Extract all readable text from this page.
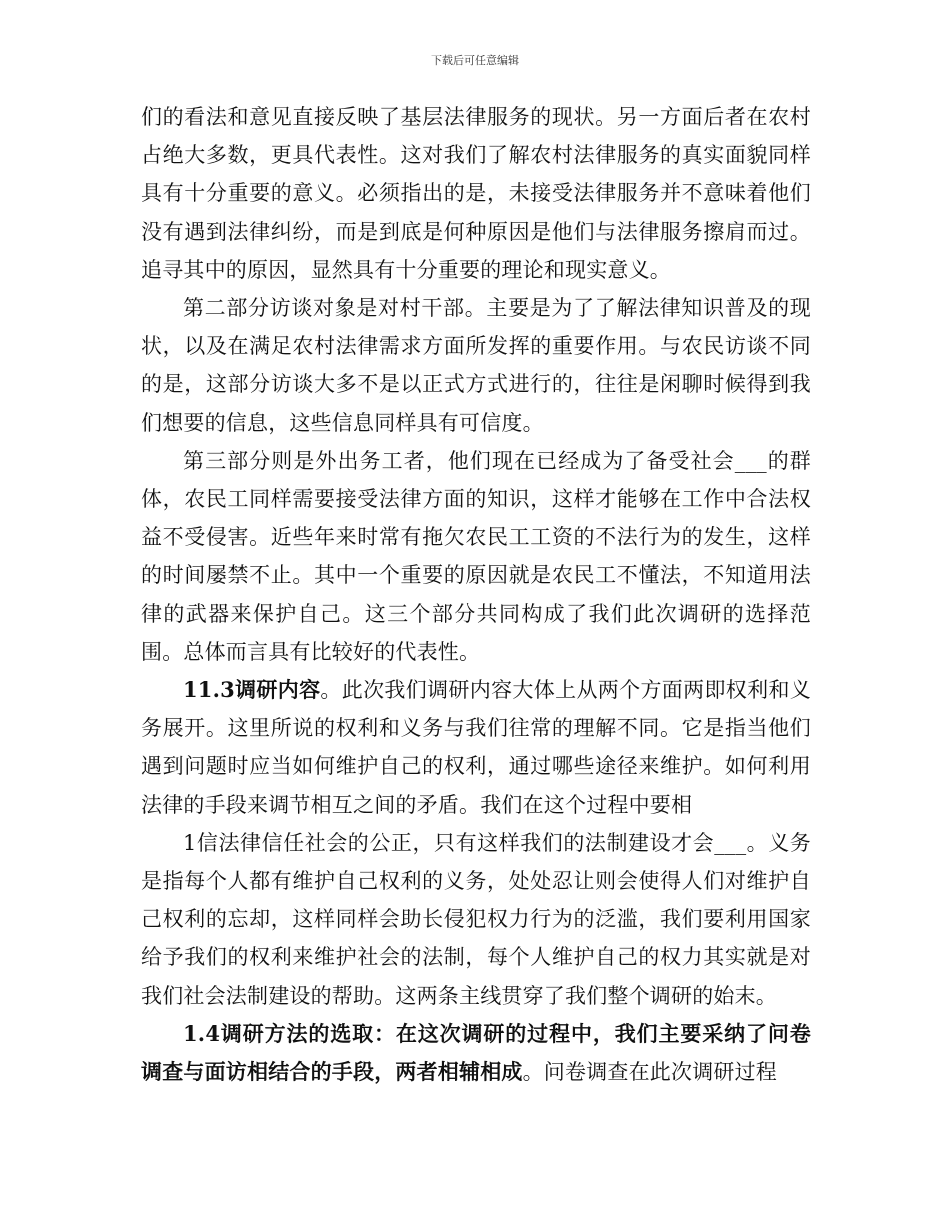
下载后可任意编辑

们的看法和意见直接反映了基层法律服务的现状。另一方面后者在农村占绝大多数，更具代表性。这对我们了解农村法律服务的真实面貌同样具有十分重要的意义。必须指出的是，未接受法律服务并不意味着他们没有遇到法律纠纷，而是到底是何种原因是他们与法律服务擦肩而过。追寻其中的原因，显然具有十分重要的理论和现实意义。

第二部分访谈对象是对村干部。主要是为了了解法律知识普及的现状，以及在满足农村法律需求方面所发挥的重要作用。与农民访谈不同的是，这部分访谈大多不是以正式方式进行的，往往是闲聊时候得到我们想要的信息，这些信息同样具有可信度。

第三部分则是外出务工者，他们现在已经成为了备受社会___的群体，农民工同样需要接受法律方面的知识，这样才能够在工作中合法权益不受侵害。近些年来时常有拖欠农民工工资的不法行为的发生，这样的时间屡禁不止。其中一个重要的原因就是农民工不懂法，不知道用法律的武器来保护自己。这三个部分共同构成了我们此次调研的选择范围。总体而言具有比较好的代表性。

11.3调研内容。此次我们调研内容大体上从两个方面两即权利和义务展开。这里所说的权利和义务与我们往常的理解不同。它是指当他们遇到问题时应当如何维护自己的权利，通过哪些途径来维护。如何利用法律的手段来调节相互之间的矛盾。我们在这个过程中要相

1信法律信任社会的公正，只有这样我们的法制建设才会___。义务是指每个人都有维护自己权利的义务，处处忍让则会使得人们对维护自己权利的忘却，这样同样会助长侵犯权力行为的泛滥，我们要利用国家给予我们的权利来维护社会的法制，每个人维护自己的权力其实就是对我们社会法制建设的帮助。这两条主线贯穿了我们整个调研的始末。

1.4调研方法的选取：在这次调研的过程中，我们主要采纳了问卷调查与面访相结合的手段，两者相辅相成。问卷调查在此次调研过程
